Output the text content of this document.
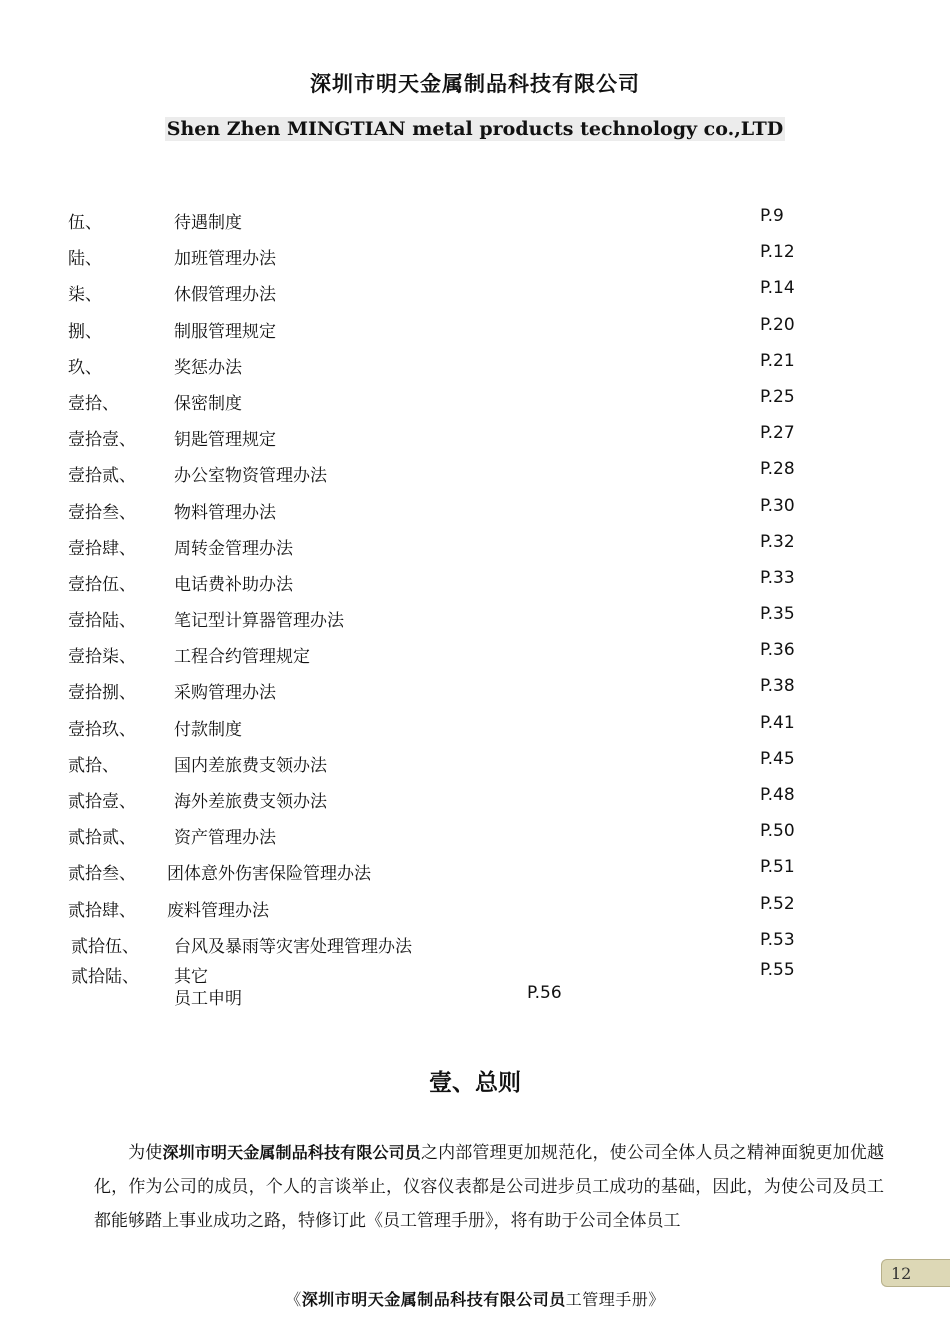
深圳市明天金属制品科技有限公司
Shen Zhen MINGTIAN metal products technology co.,LTD
伍、	待遇制度	P.9
陆、	加班管理办法	P.12
柒、	休假管理办法	P.14
捌、	制服管理规定	P.20
玖、	奖惩办法	P.21
壹拾、	保密制度	P.25
壹拾壹、 钥匙管理规定	P.27
壹拾贰、 办公室物资管理办法	P.28
壹拾叁、 物料管理办法	P.30
壹拾肆、 周转金管理办法	P.32
壹拾伍、 电话费补助办法	P.33
壹拾陆、 笔记型计算器管理办法	P.35
壹拾柒、 工程合约管理规定	P.36
壹拾捌、 采购管理办法	P.38
壹拾玖、 付款制度	P.41
贰拾、	国内差旅费支领办法	P.45
贰拾壹、 海外差旅费支领办法	P.48
贰拾贰、 资产管理办法	P.50
贰拾叁、 团体意外伤害保险管理办法	P.51
贰拾肆、 废料管理办法	P.52
贰拾伍、 台风及暴雨等灾害处理管理办法	P.53
贰拾陆、 其它	P.55
员工申明	P.56
壹、总则
为使深圳市明天金属制品科技有限公司员之内部管理更加规范化，使公司全体人员之精神面貌更加优越化，作为公司的成员，个人的言谈举止，仪容仪表都是公司进步员工成功的基础，因此，为使公司及员工都能够踏上事业成功之路，特修订此《员工管理手册》，将有助于公司全体员工
12
《深圳市明天金属制品科技有限公司员工管理手册》
